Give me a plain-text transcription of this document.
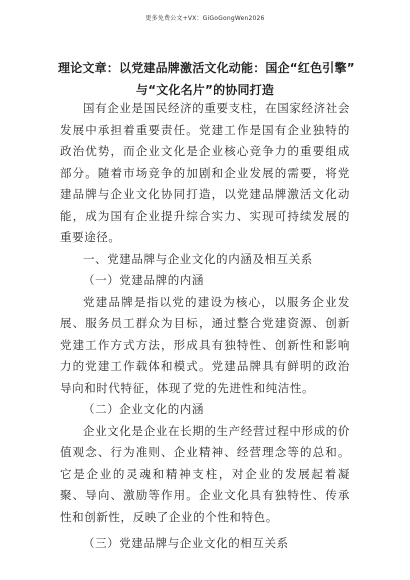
更多免费公文+VX：GiGoGongWen2026
理论文章：以党建品牌激活文化动能：国企“红色引擎”
与“文化名片”的协同打造

国有企业是国民经济的重要支柱，在国家经济社会发展中承担着重要责任。党建工作是国有企业独特的政治优势，而企业文化是企业核心竞争力的重要组成部分。随着市场竞争的加剧和企业发展的需要，将党建品牌与企业文化协同打造，以党建品牌激活文化动能，成为国有企业提升综合实力、实现可持续发展的重要途径。

一、党建品牌与企业文化的内涵及相互关系
（一）党建品牌的内涵

党建品牌是指以党的建设为核心，以服务企业发展、服务员工群众为目标，通过整合党建资源、创新党建工作方式方法，形成具有独特性、创新性和影响力的党建工作载体和模式。党建品牌具有鲜明的政治导向和时代特征，体现了党的先进性和纯洁性。

（二）企业文化的内涵

企业文化是企业在长期的生产经营过程中形成的价值观念、行为准则、企业精神、经营理念等的总和。它是企业的灵魂和精神支柱，对企业的发展起着凝聚、导向、激励等作用。企业文化具有独特性、传承性和创新性，反映了企业的个性和特色。

（三）党建品牌与企业文化的相互关系
